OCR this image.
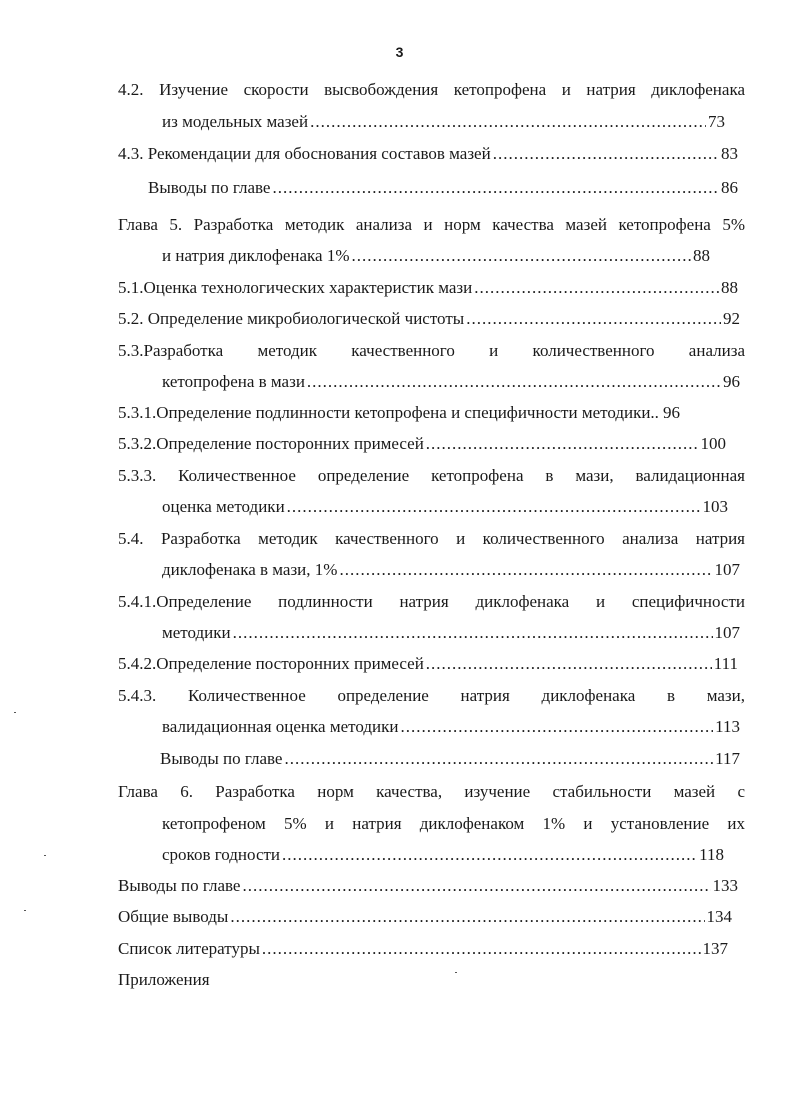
3
4.2. Изучение скорости высвобождения кетопрофена и натрия диклофенака
из модельных мазей .....	73
4.3. Рекомендации для обоснования составов мазей .....	83
Выводы по главе .....	86
Глава 5. Разработка методик анализа и норм качества мазей кетопрофена 5%
и натрия диклофенака 1% .....	88
5.1.Оценка технологических характеристик мази .....	88
5.2. Определение микробиологической чистоты .....	92
5.3.Разработка методик качественного и количественного анализа
кетопрофена в мази .....	96
5.3.1.Определение подлинности кетопрофена и специфичности методики.. 96
5.3.2.Определение посторонних примесей .....	100
5.3.3. Количественное определение кетопрофена в мази, валидационная
оценка методики .....	103
5.4. Разработка методик качественного и количественного анализа натрия
диклофенака в мази, 1% .....	107
5.4.1.Определение подлинности натрия диклофенака и специфичности
методики .....	107
5.4.2.Определение посторонних примесей .....	111
5.4.3. Количественное определение натрия диклофенака в мази,
валидационная оценка методики .....	113
Выводы по главе .....	117
Глава 6. Разработка норм качества, изучение стабильности мазей с
кетопрофеном 5% и натрия диклофенаком 1% и установление их
сроков годности .....	118
Выводы по главе .....	133
Общие выводы .....	134
Список литературы .....	137
Приложения
